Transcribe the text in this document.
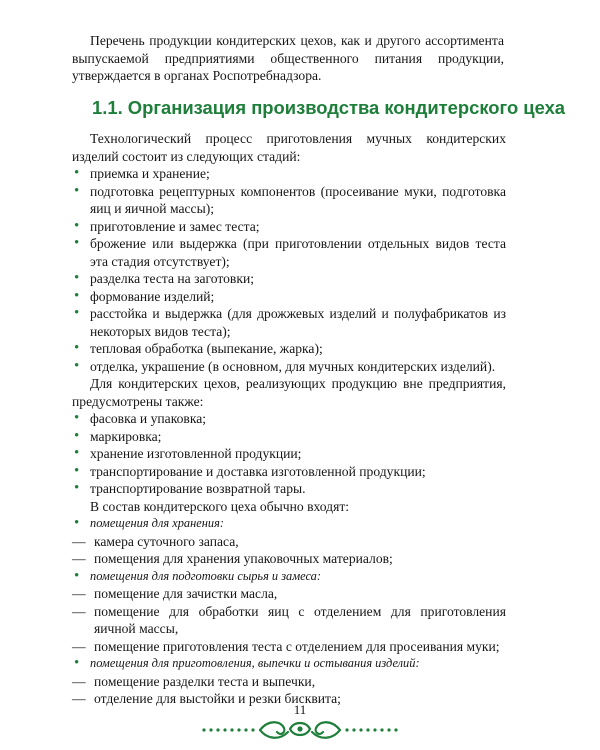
Перечень продукции кондитерских цехов, как и другого ассортимента выпускаемой предприятиями общественного питания продукции, утверждается в органах Роспотребнадзора.

1.1. Организация производства кондитерского цеха

Технологический процесс приготовления мучных кондитерских изделий состоит из следующих стадий:

• приемка и хранение;
• подготовка рецептурных компонентов (просеивание муки, подготовка яиц и яичной массы);
• приготовление и замес теста;
• брожение или выдержка (при приготовлении отдельных видов теста эта стадия отсутствует);
• разделка теста на заготовки;
• формование изделий;
• расстойка и выдержка (для дрожжевых изделий и полуфабрикатов из некоторых видов теста);
• тепловая обработка (выпекание, жарка);
• отделка, украшение (в основном, для мучных кондитерских изделий).

Для кондитерских цехов, реализующих продукцию вне предприятия, предусмотрены также:

• фасовка и упаковка;
• маркировка;
• хранение изготовленной продукции;
• транспортирование и доставка изготовленной продукции;
• транспортирование возвратной тары.

В состав кондитерского цеха обычно входят:

• помещения для хранения:
— камера суточного запаса,
— помещения для хранения упаковочных материалов;
• помещения для подготовки сырья и замеса:
— помещение для зачистки масла,
— помещение для обработки яиц с отделением для приготовления яичной массы,
— помещение приготовления теста с отделением для просеивания муки;
• помещения для приготовления, выпечки и остывания изделий:
— помещение разделки теста и выпечки,
— отделение для выстойки и резки бисквита;

11
